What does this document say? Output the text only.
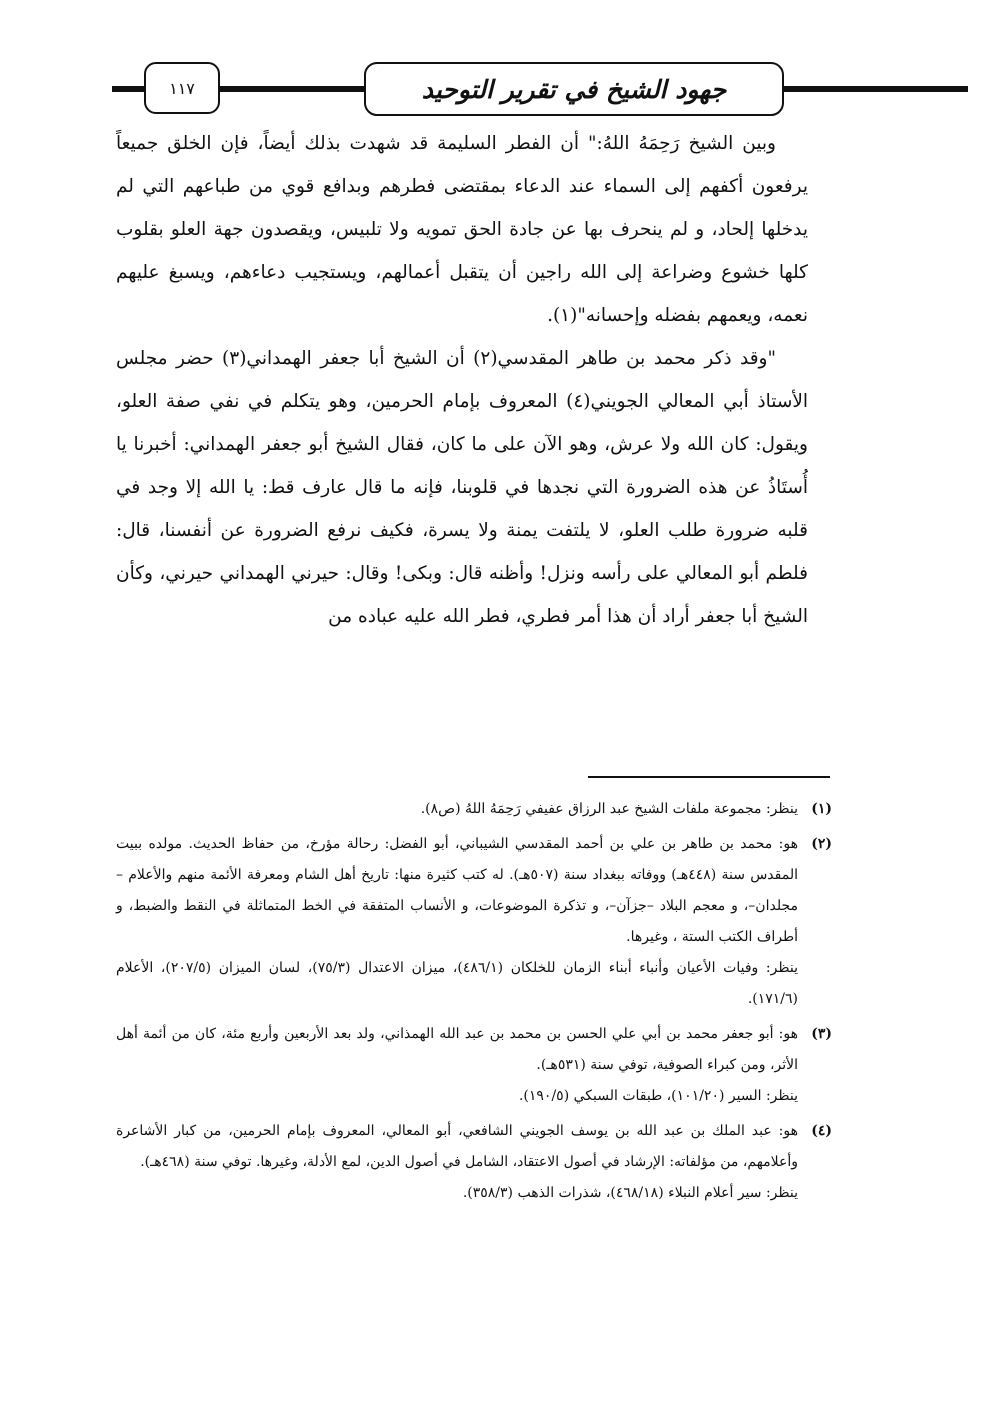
جهود الشيخ في تقرير التوحيد
١١٧

وبين الشيخ رَحِمَهُ اللهُ:" أن الفطر السليمة قد شهدت بذلك أيضاً، فإن الخلق جميعاً يرفعون أكفهم إلى السماء عند الدعاء بمقتضى فطرهم وبدافع قوي من طباعهم التي لم يدخلها إلحاد، و لم ينحرف بها عن جادة الحق تمويه ولا تلبيس، ويقصدون جهة العلو بقلوب كلها خشوع وضراعة إلى الله راجين أن يتقبل أعمالهم، ويستجيب دعاءهم، ويسبغ عليهم نعمه، ويعمهم بفضله وإحسانه"(١).

"وقد ذكر محمد بن طاهر المقدسي(٢) أن الشيخ أبا جعفر الهمداني(٣) حضر مجلس الأستاذ أبي المعالي الجويني(٤) المعروف بإمام الحرمين، وهو يتكلم في نفي صفة العلو، ويقول: كان الله ولا عرش، وهو الآن على ما كان، فقال الشيخ أبو جعفر الهمداني: أخبرنا يا أُستَاذُ عن هذه الضرورة التي نجدها في قلوبنا، فإنه ما قال عارف قط: يا الله إلا وجد في قلبه ضرورة طلب العلو، لا يلتفت يمنة ولا يسرة، فكيف نرفع الضرورة عن أنفسنا، قال: فلطم أبو المعالي على رأسه ونزل! وأظنه قال: وبكى! وقال: حيرني الهمداني حيرني، وكأن الشيخ أبا جعفر أراد أن هذا أمر فطري، فطر الله عليه عباده من

(١)

ينظر: مجموعة ملفات الشيخ عبد الرزاق عفيفي رَحِمَهُ اللهُ (ص٨).

(٢)

هو: محمد بن طاهر بن علي بن أحمد المقدسي الشيباني، أبو الفضل: رحالة مؤرخ، من حفاظ الحديث. مولده ببيت المقدس سنة (٤٤٨هـ) ووفاته ببغداد سنة (٥٠٧هـ). له كتب كثيرة منها: تاريخ أهل الشام ومعرفة الأئمة منهم والأعلام –مجلدان–، و معجم البلاد –جزآن–، و تذكرة الموضوعات، و الأنساب المتفقة في الخط المتماثلة في النقط والضبط، و أطراف الكتب الستة ، وغيرها.

ينظر: وفيات الأعيان وأنباء أبناء الزمان للخلكان (٤٨٦/١)، ميزان الاعتدال (٧٥/٣)، لسان الميزان (٢٠٧/٥)، الأعلام (١٧١/٦).

(٣)

هو: أبو جعفر محمد بن أبي علي الحسن بن محمد بن عبد الله الهمذاني، ولد بعد الأربعين وأربع مئة، كان من أئمة أهل الأثر، ومن كبراء الصوفية، توفي سنة (٥٣١هـ).

ينظر: السير (١٠١/٢٠)، طبقات السبكي (١٩٠/٥).

(٤)

هو: عبد الملك بن عبد الله بن يوسف الجويني الشافعي، أبو المعالي، المعروف بإمام الحرمين، من كبار الأشاعرة وأعلامهم، من مؤلفاته: الإرشاد في أصول الاعتقاد، الشامل في أصول الدين، لمع الأدلة، وغيرها. توفي سنة (٤٦٨هـ).

ينظر: سير أعلام النبلاء (٤٦٨/١٨)، شذرات الذهب (٣٥٨/٣).
